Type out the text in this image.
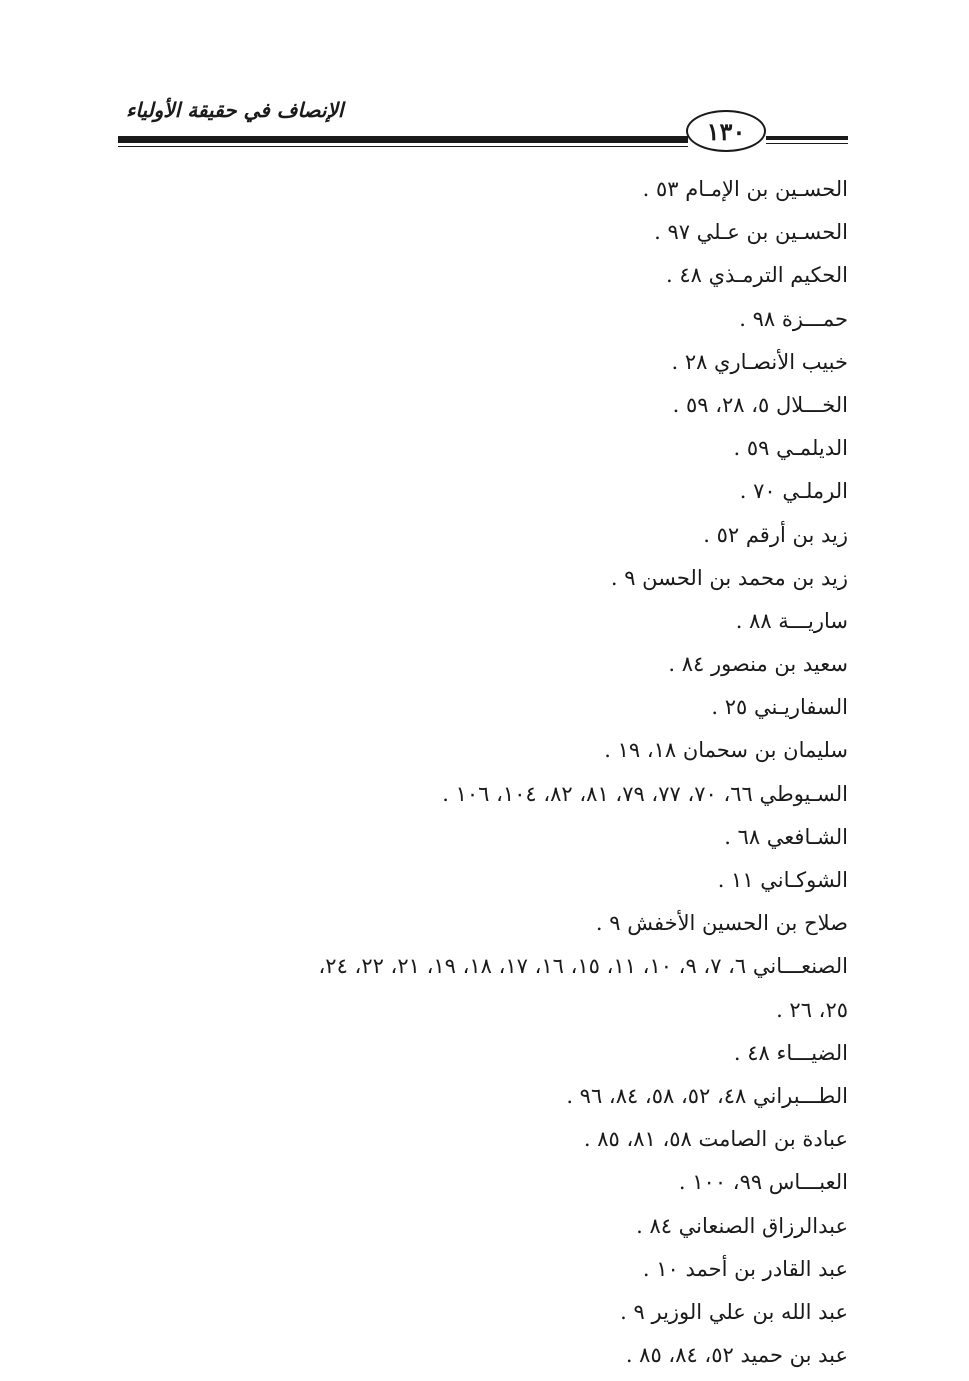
الإنصاف في حقيقة الأولياء
١٣٠
الحسـين بن الإمـام ٥٣ .
الحسـين بن عـلي ٩٧ .
الحكيم الترمـذي ٤٨ .
حمـــزة ٩٨ .
خبيب الأنصـاري ٢٨ .
الخـــلال ٥، ٢٨، ٥٩ .
الديلمـي ٥٩ .
الرملـي ٧٠ .
زيد بن أرقم ٥٢ .
زيد بن محمد بن الحسن ٩ .
ساريـــة ٨٨ .
سعيد بن منصور ٨٤ .
السفاريـني ٢٥ .
سليمان بن سحمان ١٨، ١٩ .
السـيوطي ٦٦، ٧٠، ٧٧، ٧٩، ٨١، ٨٢، ١٠٤، ١٠٦ .
الشـافعي ٦٨ .
الشوكـاني ١١ .
صلاح بن الحسين الأخفش ٩ .
الصنعـــاني ٦، ٧، ٩، ١٠، ١١، ١٥، ١٦، ١٧، ١٨، ١٩، ٢١، ٢٢، ٢٤،
٢٥، ٢٦ .
الضيـــاء ٤٨ .
الطـــبراني ٤٨، ٥٢، ٥٨، ٨٤، ٩٦ .
عبادة بن الصامت ٥٨، ٨١، ٨٥ .
العبـــاس ٩٩، ١٠٠ .
عبدالرزاق الصنعاني ٨٤ .
عبد القادر بن أحمد ١٠ .
عبد الله بن علي الوزير ٩ .
عبد بن حميد ٥٢، ٨٤، ٨٥ .
